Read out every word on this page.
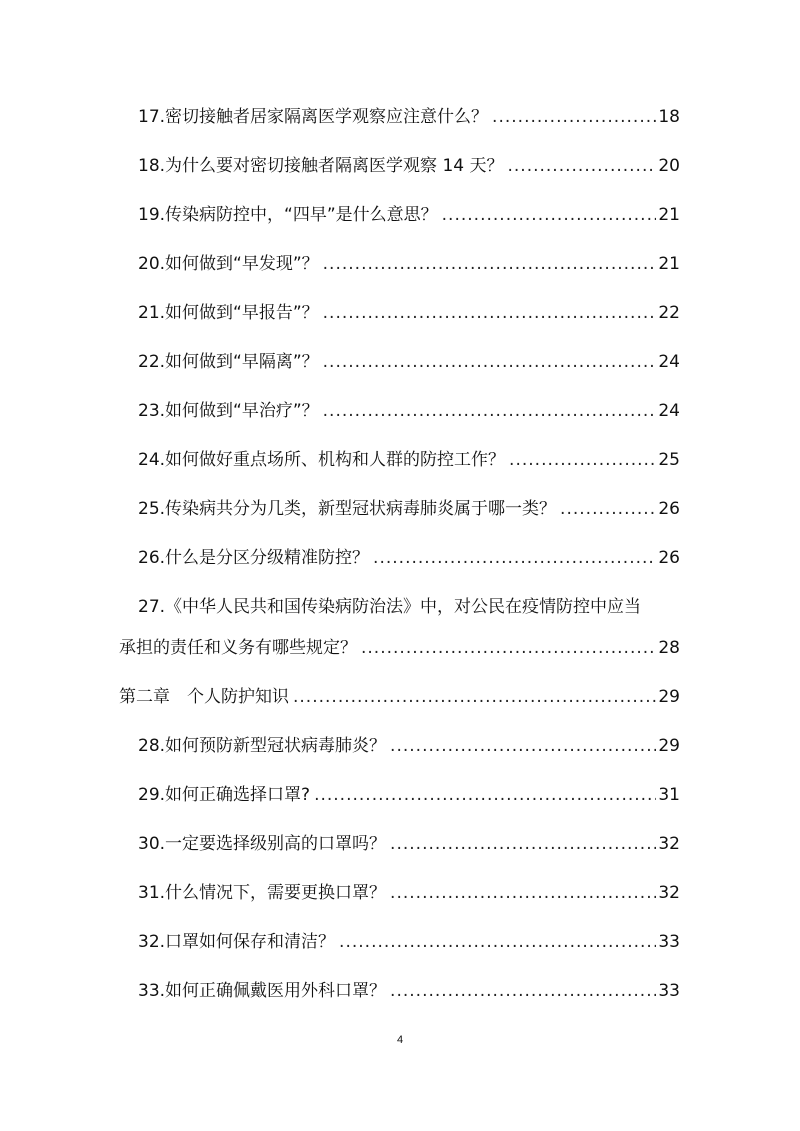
17.密切接触者居家隔离医学观察应注意什么？ .....	18
18.为什么要对密切接触者隔离医学观察 14 天？ .....	20
19.传染病防控中，“四早”是什么意思？ .....	21
20.如何做到“早发现”？ .....	21
21.如何做到“早报告”？ .....	22
22.如何做到“早隔离”？ .....	24
23.如何做到“早治疗”？ .....	24
24.如何做好重点场所、机构和人群的防控工作？ .....	25
25.传染病共分为几类，新型冠状病毒肺炎属于哪一类？ .....	26
26.什么是分区分级精准防控？ .....	26
27.《中华人民共和国传染病防治法》中，对公民在疫情防控中应当
承担的责任和义务有哪些规定？ .....	28
第二章　个人防护知识 .....	29
28.如何预防新型冠状病毒肺炎？ .....	29
29.如何正确选择口罩? .....	31
30.一定要选择级别高的口罩吗？ .....	32
31.什么情况下，需要更换口罩？ .....	32
32.口罩如何保存和清洁？ .....	33
33.如何正确佩戴医用外科口罩？ .....	33
4
